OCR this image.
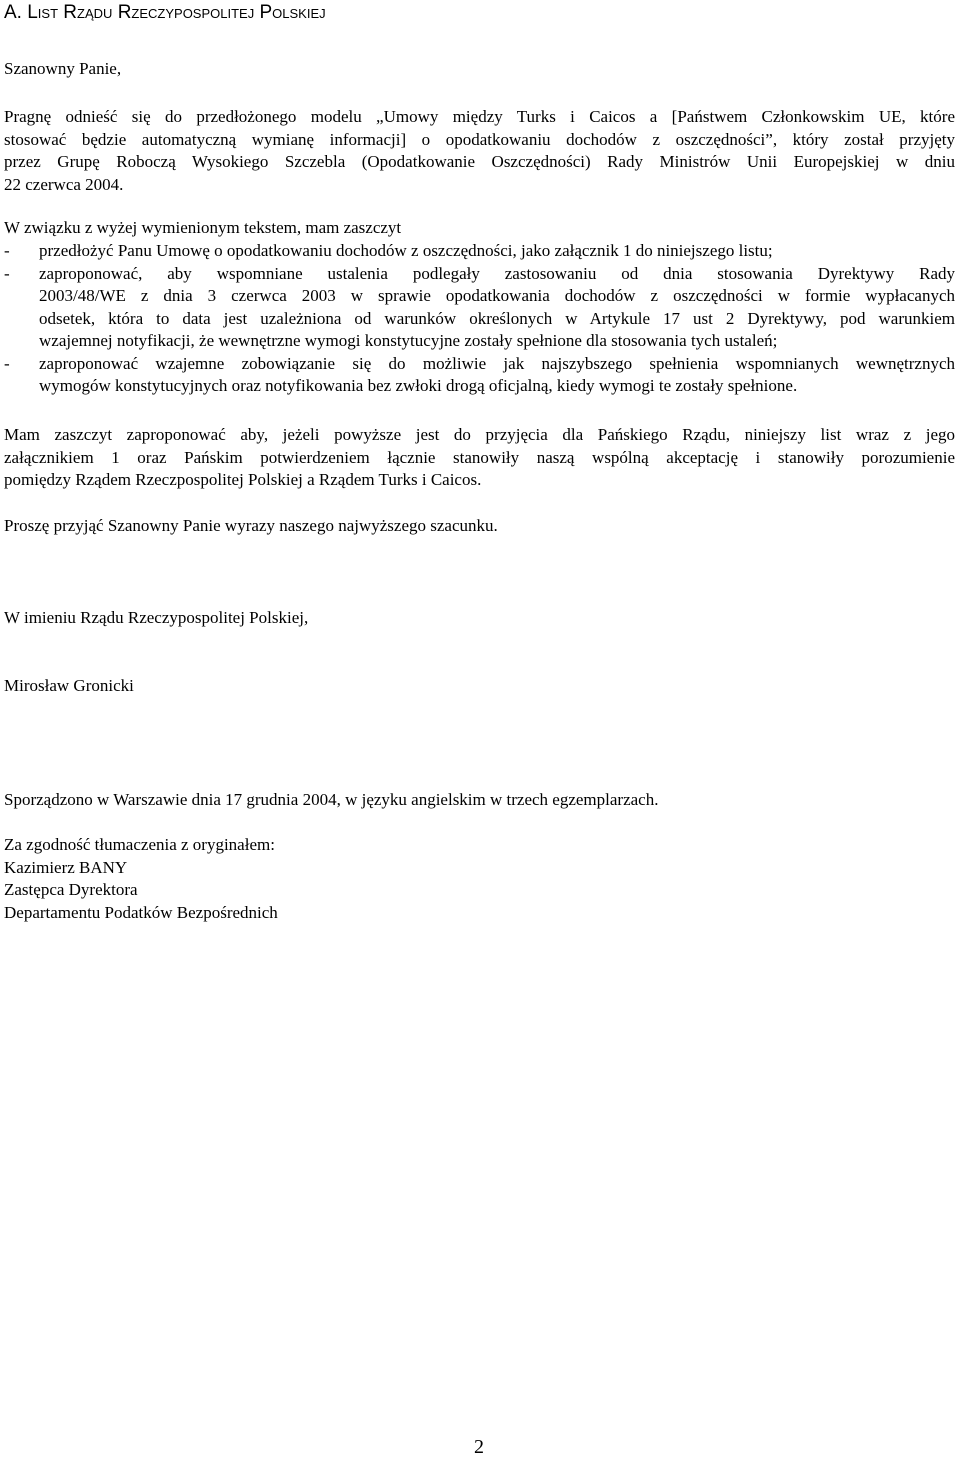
A. List Rządu Rzeczypospolitej Polskiej

Szanowny Panie,

Pragnę odnieść się do przedłożonego modelu „Umowy między Turks i Caicos a [Państwem Członkowskim UE, które
stosować będzie automatyczną wymianę informacji] o opodatkowaniu dochodów z oszczędności”, który został przyjęty
przez Grupę Roboczą Wysokiego Szczebla (Opodatkowanie Oszczędności) Rady Ministrów Unii Europejskiej w dniu
22 czerwca 2004.

W związku z wyżej wymienionym tekstem, mam zaszczyt

- przedłożyć Panu Umowę o opodatkowaniu dochodów z oszczędności, jako załącznik 1 do niniejszego listu;
- zaproponować, aby wspomniane ustalenia podlegały zastosowaniu od dnia stosowania Dyrektywy Rady
2003/48/WE z dnia 3 czerwca 2003 w sprawie opodatkowania dochodów z oszczędności w formie wypłacanych
odsetek, która to data jest uzależniona od warunków określonych w Artykule 17 ust 2 Dyrektywy, pod warunkiem
wzajemnej notyfikacji, że wewnętrzne wymogi konstytucyjne zostały spełnione dla stosowania tych ustaleń;
- zaproponować wzajemne zobowiązanie się do możliwie jak najszybszego spełnienia wspomnianych wewnętrznych
wymogów konstytucyjnych oraz notyfikowania bez zwłoki drogą oficjalną, kiedy wymogi te zostały spełnione.

Mam zaszczyt zaproponować aby, jeżeli powyższe jest do przyjęcia dla Pańskiego Rządu, niniejszy list wraz z jego
załącznikiem 1 oraz Pańskim potwierdzeniem łącznie stanowiły naszą wspólną akceptację i stanowiły porozumienie
pomiędzy Rządem Rzeczpospolitej Polskiej a Rządem Turks i Caicos.

Proszę przyjąć Szanowny Panie wyrazy naszego najwyższego szacunku.

W imieniu Rządu Rzeczypospolitej Polskiej,

Mirosław Gronicki

Sporządzono w Warszawie dnia 17 grudnia 2004, w języku angielskim w trzech egzemplarzach.

Za zgodność tłumaczenia z oryginałem:
Kazimierz BANY
Zastępca Dyrektora
Departamentu Podatków Bezpośrednich

2
